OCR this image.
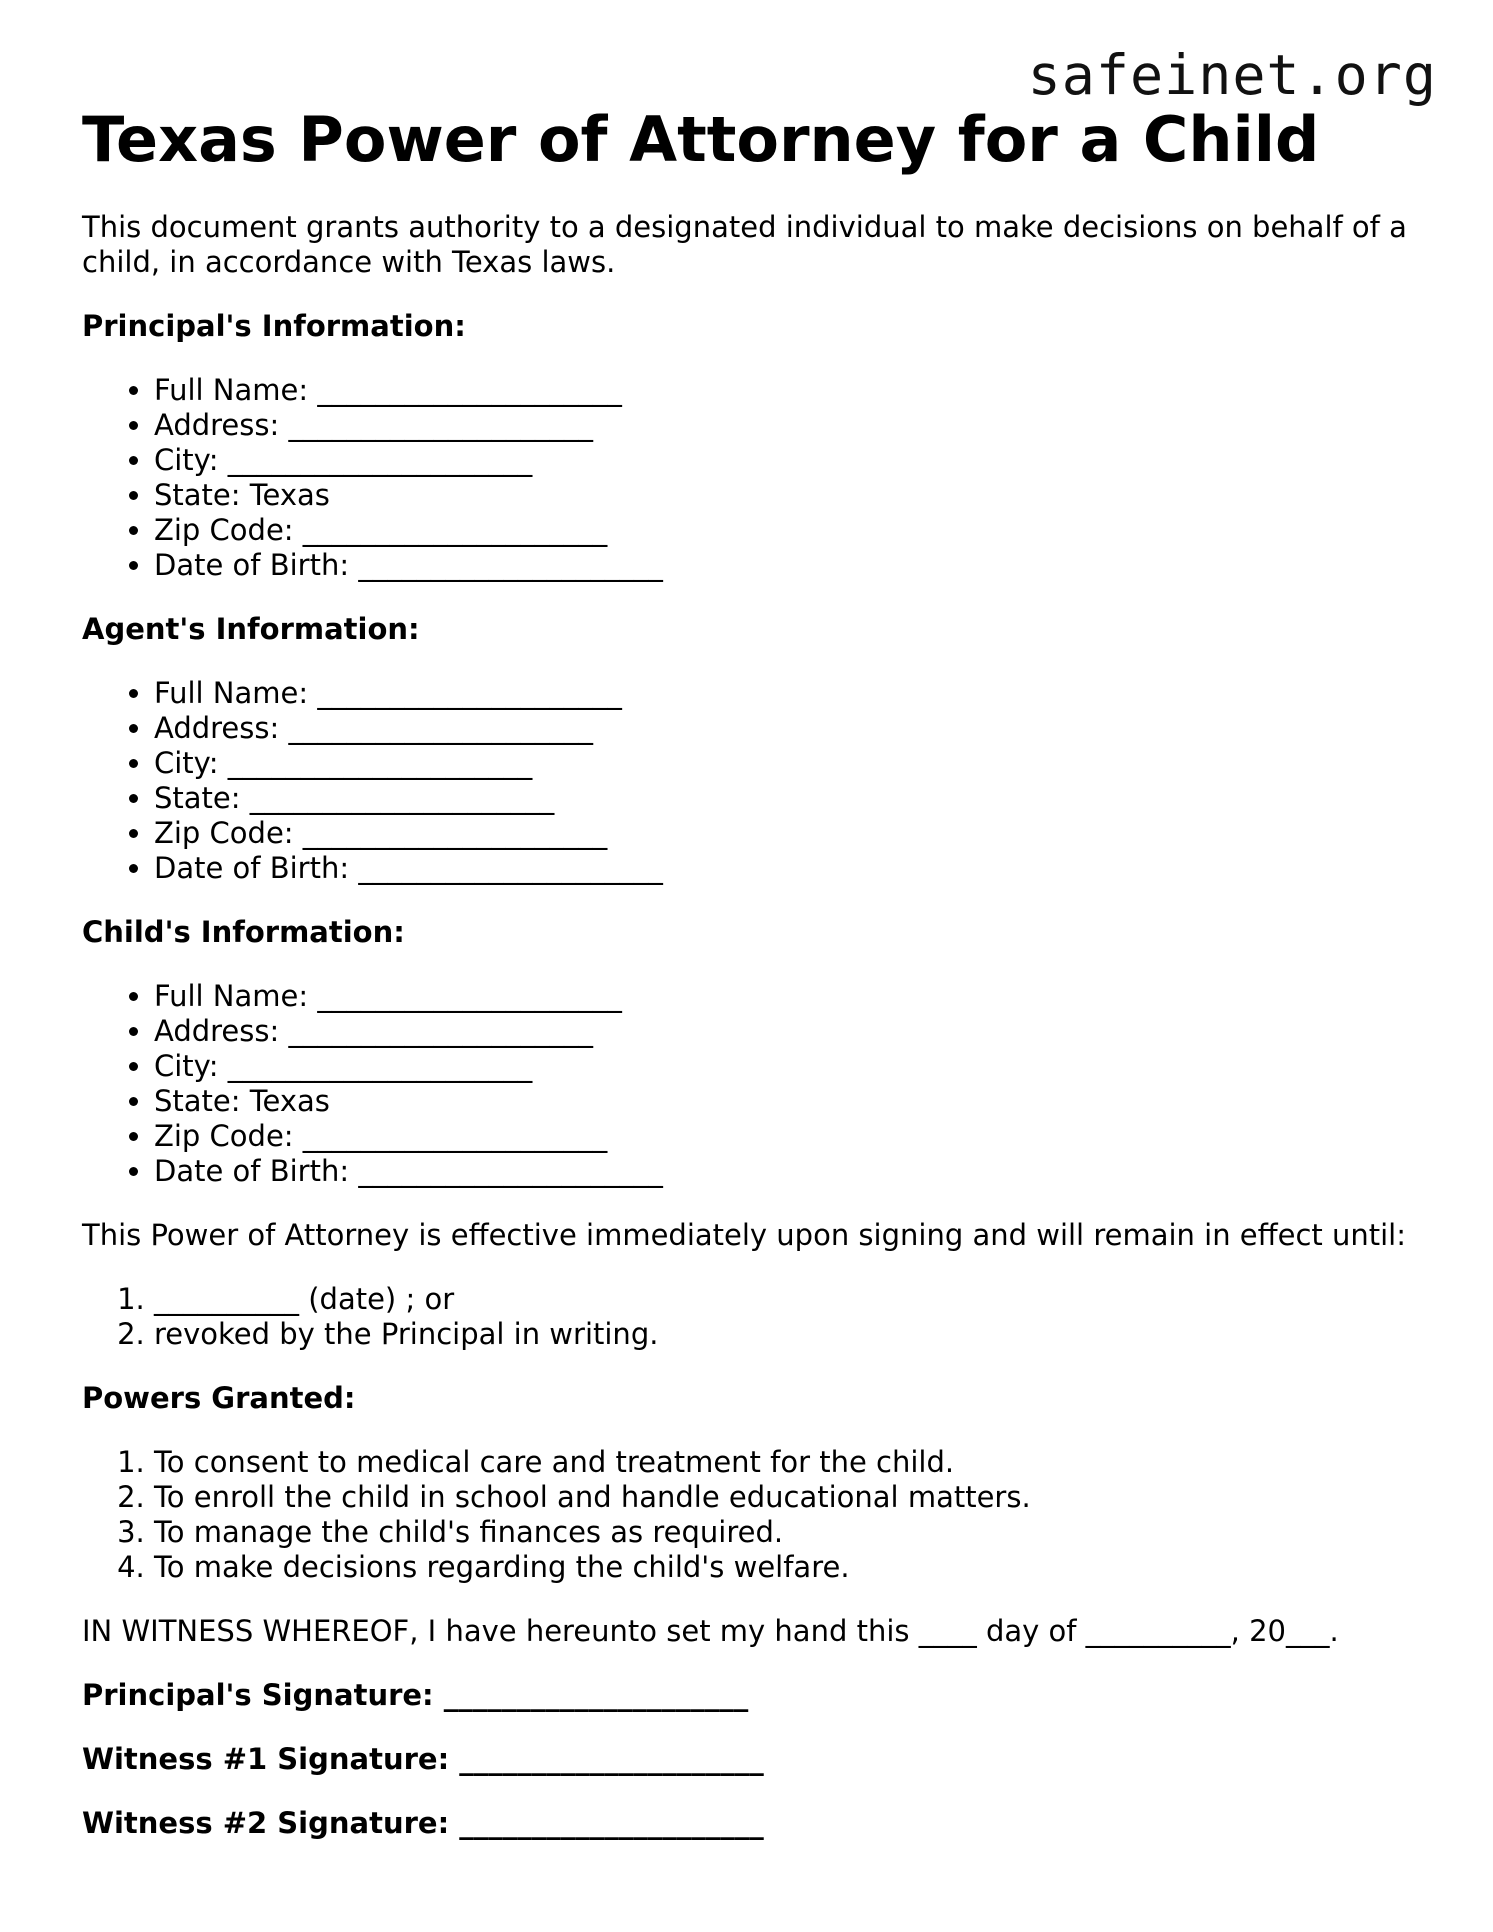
safeinet.org
Texas Power of Attorney for a Child

This document grants authority to a designated individual to make decisions on behalf of a child, in accordance with Texas laws.

Principal's Information:

• Full Name: _____________________
• Address: _____________________
• City: _____________________
• State: Texas
• Zip Code: _____________________
• Date of Birth: _____________________

Agent's Information:

• Full Name: _____________________
• Address: _____________________
• City: _____________________
• State: _____________________
• Zip Code: _____________________
• Date of Birth: _____________________

Child's Information:

• Full Name: _____________________
• Address: _____________________
• City: _____________________
• State: Texas
• Zip Code: _____________________
• Date of Birth: _____________________

This Power of Attorney is effective immediately upon signing and will remain in effect until:

1. __________ (date) ; or
2. revoked by the Principal in writing.

Powers Granted:

1. To consent to medical care and treatment for the child.
2. To enroll the child in school and handle educational matters.
3. To manage the child's finances as required.
4. To make decisions regarding the child's welfare.

IN WITNESS WHEREOF, I have hereunto set my hand this ____ day of __________, 20___.

Principal's Signature: _____________________

Witness #1 Signature: _____________________

Witness #2 Signature: _____________________
